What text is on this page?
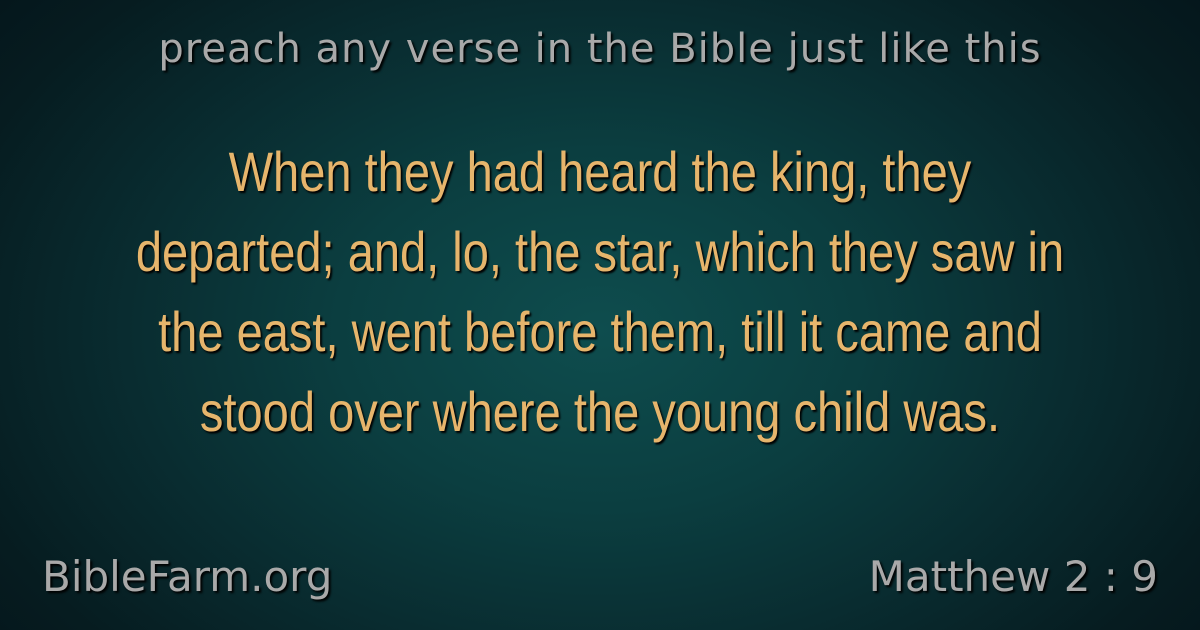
preach any verse in the Bible just like this
When they had heard the king, they departed; and, lo, the star, which they saw in the east, went before them, till it came and stood over where the young child was.
BibleFarm.org	Matthew 2 : 9
